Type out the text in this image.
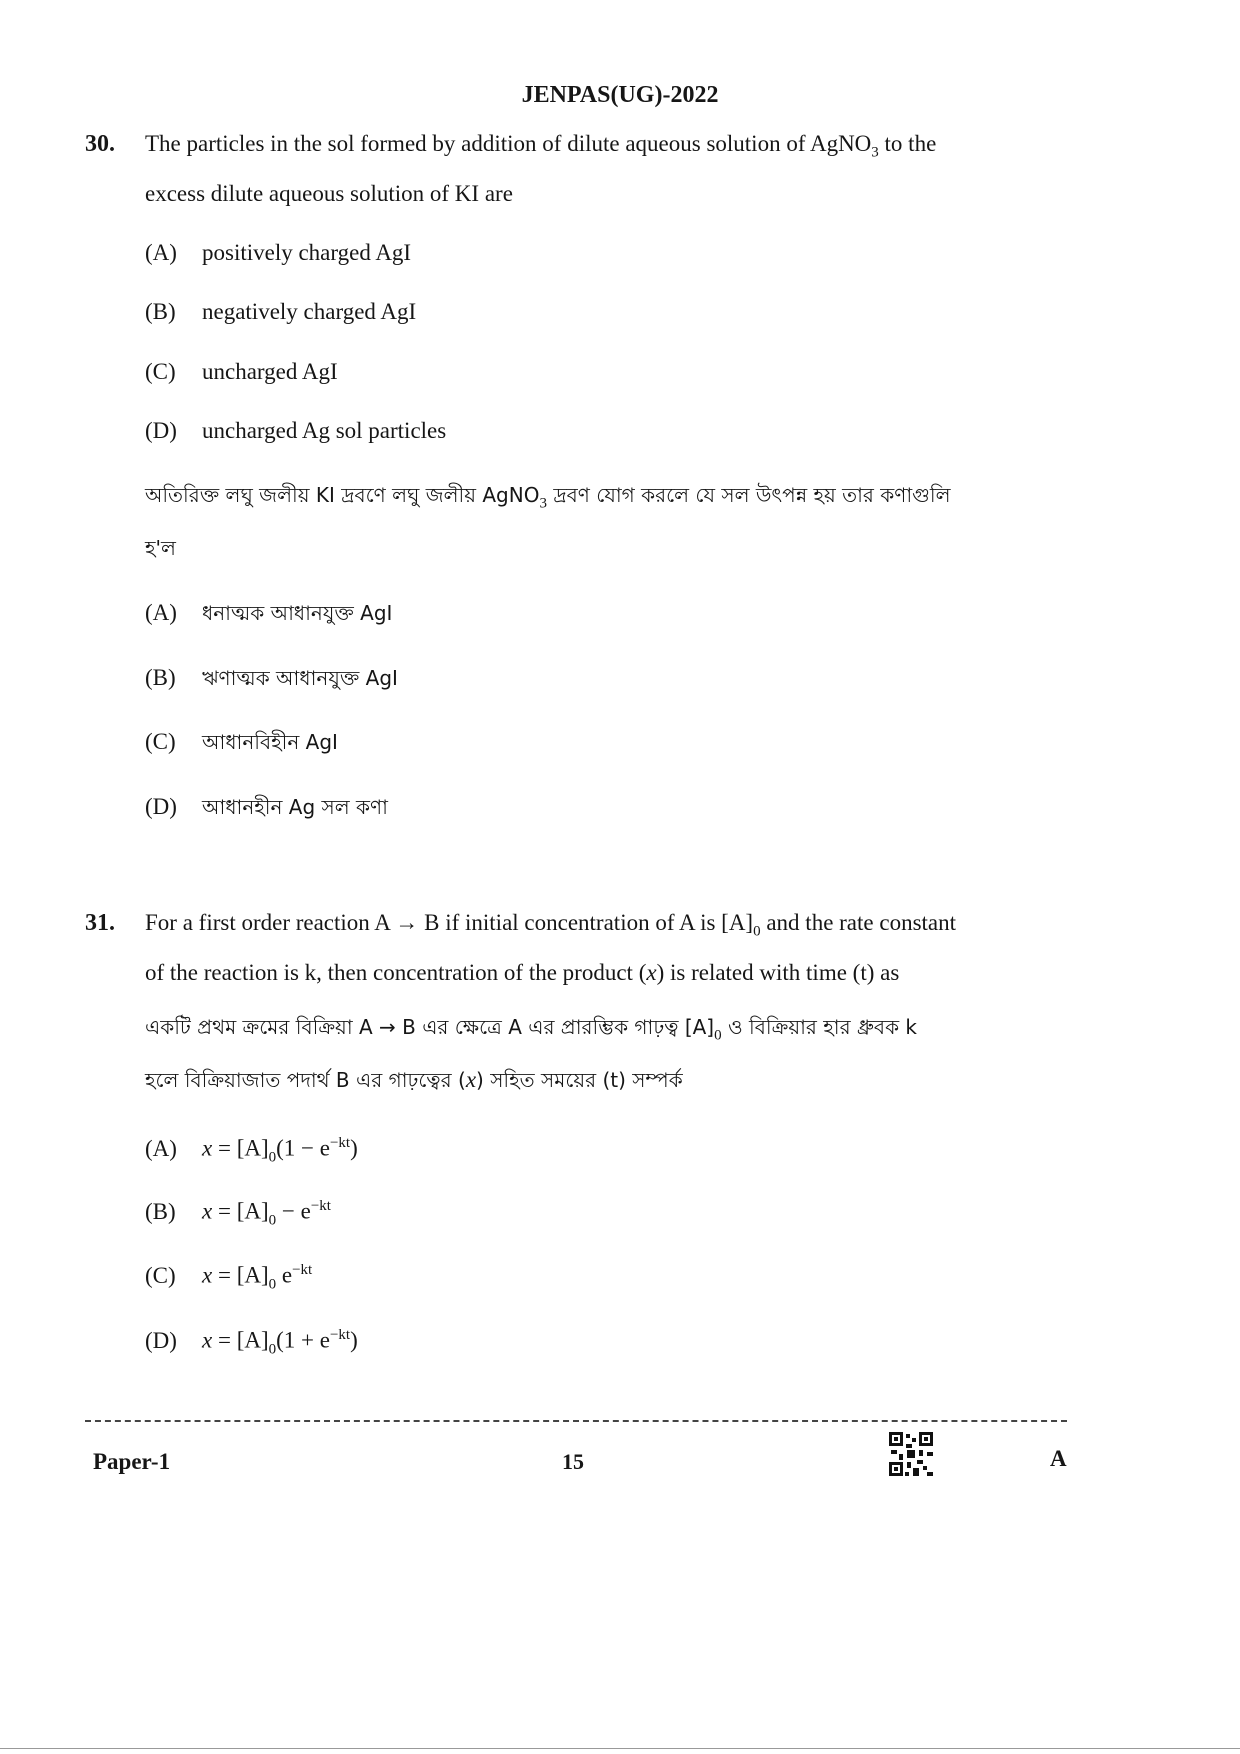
JENPAS(UG)-2022
30. The particles in the sol formed by addition of dilute aqueous solution of AgNO$_3$ to the
excess dilute aqueous solution of KI are
(A) positively charged AgI
(B) negatively charged AgI
(C) uncharged AgI
(D) uncharged Ag sol particles
অতিরিক্ত লঘু জলীয় KI দ্রবণে লঘু জলীয় AgNO$_3$ দ্রবণ যোগ করলে যে সল উৎপন্ন হয় তার কণাগুলি
হ'ল
(A) ধনাত্মক আধানযুক্ত AgI
(B) ঋণাত্মক আধানযুক্ত AgI
(C) আধানবিহীন AgI
(D) আধানহীন Ag সল কণা
31. For a first order reaction A → B if initial concentration of A is $[A]_0$ and the rate constant
of the reaction is k, then concentration of the product (x) is related with time (t) as
একটি প্রথম ক্রমের বিক্রিয়া A → B এর ক্ষেত্রে A এর প্রারম্ভিক গাঢ়ত্ব $[A]_0$ ও বিক্রিয়ার হার ধ্রুবক k
হলে বিক্রিয়াজাত পদার্থ B এর গাঢ়ত্বের (x) সহিত সময়ের (t) সম্পর্ক
(A) $x = [A]_0(1 - e^{-kt})$
(B) $x = [A]_0 - e^{-kt}$
(C) $x = [A]_0$ $e^{-kt}$
(D) $x = [A]_0(1 + e^{-kt})$
Paper-1	15	A
